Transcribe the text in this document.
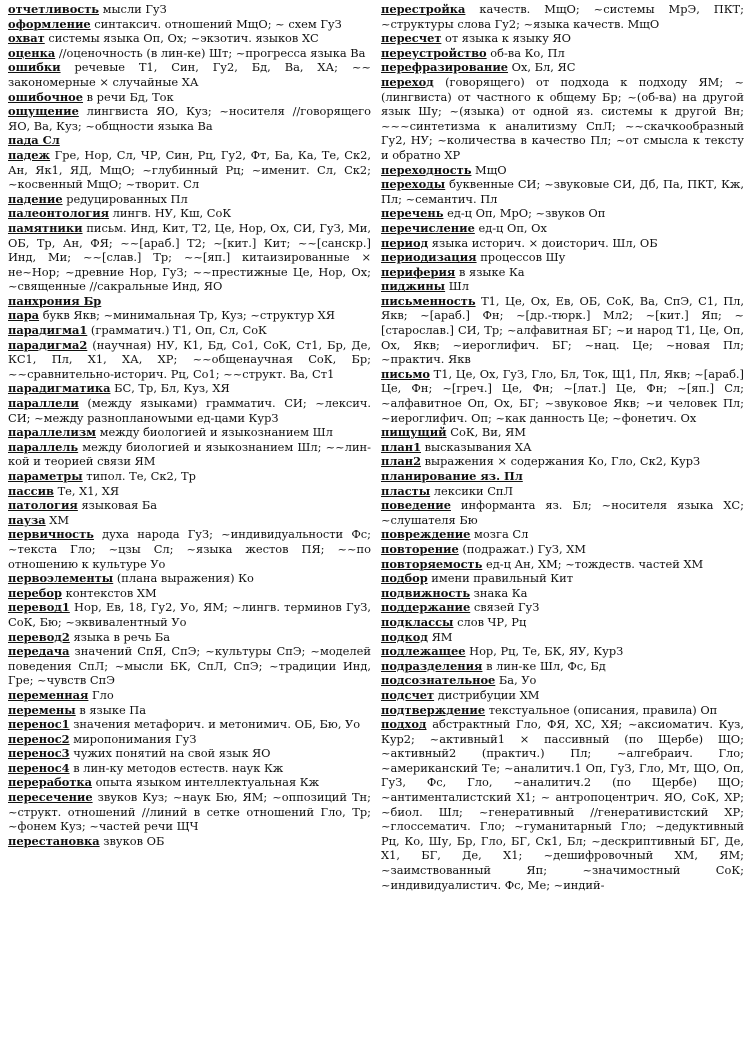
отчетливость мысли ГуЗ

оформление синтаксич. отношений МщО; ~ схем ГуЗ

охват системы языка Оп, Ох; ~экзотич. языков ХС

оценка //оценочность (в лин-ке) Шт; ~прогресса языка Ва

ошибки речевые Т1, Син, Гу2, Бд, Ва, ХА; ~~ закономерные × случайные ХА

ошибочное в речи Бд, Ток

ощущение лингвиста ЯО, Куз; ~носителя //говорящего ЯО, Ва, Куз; ~общности языка Ва

пада Сл

падеж Гре, Нор, Сл, ЧР, Син, Рц, Гу2, Фт, Ба, Ка, Те, Ск2, Ан, Як1, ЯД, МщО; ~глубинный Рц; ~именит. Сл, Ск2; ~косвенный МщО; ~творит. Сл

падение редуцированных Пл

палеонтология лингв. НУ, Кш, СоК

памятники письм. Инд, Кит, Т2, Це, Нор, Ох, СИ, ГуЗ, Ми, ОБ, Тр, Ан, ФЯ; ~~[араб.] Т2; ~[кит.] Кит; ~~[санскр.] Инд, Ми; ~~[слав.] Тр; ~~[яп.] китаизированные × не~Нор; ~древние Нор, ГуЗ; ~~престижные Це, Нор, Ох; ~священные //сакральные Инд, ЯО

панхрония Бр

пара букв Якв; ~минимальная Тр, Куз; ~структур ХЯ

парадигма1 (грамматич.) Т1, Оп, Сл, СоК

парадигма2 (научная) НУ, К1, Бд, Со1, СоК, Ст1, Бр, Де, КС1, Пл, Х1, ХА, ХР; ~~общенаучная СоК, Бр; ~~сравнительно-историч. Рц, Со1; ~~структ. Ва, Ст1

парадигматика БС, Тр, Бл, Куз, ХЯ

параллели (между языками) грамматич. СИ; ~лексич. СИ; ~между разнопланowыми ед-цами КурЗ

параллелизм между биологией и языкознанием Шл

параллель между биологией и языкознанием Шл; ~~лин-кой и теорией связи ЯМ

параметры типол. Те, Ск2, Тр

пассив Те, Х1, ХЯ

патология языковая Ба

пауза ХМ

первичность духа народа ГуЗ; ~индивидуальности Фс; ~текста Гло; ~цзы Сл; ~языка жестов ПЯ; ~~по отношению к культуре Уо

первоэлементы (плана выражения) Ко

перебор контекстов ХМ

перевод1 Нор, Ев, 18, Гу2, Уо, ЯМ; ~лингв. терминов ГуЗ, СоК, Бю; ~эквивалентный Уо

перевод2 языка в речь Ба

передача значений СпЯ, СпЭ; ~культуры СпЭ; ~моделей поведения СпЛ; ~мысли БК, СпЛ, СпЭ; ~традиции Инд, Гре; ~чувств СпЭ

переменная Гло

перемены в языке Па

перенос1 значения метафорич. и метонимич. ОБ, Бю, Уо

перенос2 миропонимания ГуЗ

перенос3 чужих понятий на свой язык ЯО

перенос4 в лин-ку методов естеств. наук Кж

переработка опыта языком интеллектуальная Кж

пересечение звуков Куз; ~наук Бю, ЯМ; ~оппозиций Тн; ~структ. отношений //линий в сетке отношений Гло, Тр; ~фонем Куз; ~частей речи ЩЧ

перестановка звуков ОБ

перестройка качеств. МщО; ~системы МрЭ, ПКТ; ~структуры слова Гу2; ~языка качеств. МщО

пересчет от языка к языку ЯО

переустройство об-ва Ко, Пл

перефразирование Ох, Бл, ЯС

переход (говорящего) от подхода к подходу ЯМ; ~(лингвиста) от частного к общему Бр; ~(об-ва) на другой язык Шу; ~(языка) от одной яз. системы к другой Вн; ~~~синтетизма к аналитизму СпЛ; ~~скачкообразный Гу2, НУ; ~количества в качество Пл; ~от смысла к тексту и обратно ХР

переходность МщО

переходы буквенные СИ; ~звуковые СИ, Дб, Па, ПКТ, Кж, Пл; ~семантич. Пл

перечень ед-ц Оп, МрО; ~звуков Оп

перечисление ед-ц Оп, Ох

период языка историч. × доисторич. Шл, ОБ

периодизация процессов Шу

периферия в языке Ка

пиджины Шл

письменность Т1, Це, Ох, Ев, ОБ, СоК, Ва, СпЭ, С1, Пл, Якв; ~[араб.] Фн; ~[др.-тюрк.] Мл2; ~[кит.] Яп; ~[старослав.] СИ, Тр; ~алфавитная БГ; ~и народ Т1, Це, Оп, Ох, Якв; ~иероглифич. БГ; ~нац. Це; ~новая Пл; ~практич. Якв

письмо Т1, Це, Ох, ГуЗ, Гло, Бл, Ток, Щ1, Пл, Якв; ~[араб.] Це, Фн; ~[греч.] Це, Фн; ~[лат.] Це, Фн; ~[яп.] Сл; ~алфавитное Оп, Ох, БГ; ~звуковое Якв; ~и человек Пл; ~иероглифич. Оп; ~как данность Це; ~фонетич. Ох

пищущий СоК, Ви, ЯМ

план1 высказывания ХА

план2 выражения × содержания Ко, Гло, Ск2, КурЗ

планирование яз. Пл

пласты лексики СпЛ

поведение информанта яз. Бл; ~носителя языка ХС; ~слушателя Бю

повреждение мозга Сл

повторение (подражат.) ГуЗ, ХМ

повторяемость ед-ц Ан, ХМ; ~тождеств. частей ХМ

подбор имени правильный Кит

подвижность знака Ка

поддержание связей ГуЗ

подклассы слов ЧР, Рц

подкод ЯМ

подлежащее Нор, Рц, Те, БК, ЯУ, КурЗ

подразделения в лин-ке Шл, Фс, Бд

подсознательное Ба, Уо

подсчет дистрибуции ХМ

подтверждение текстуальное (описания, правила) Оп

подход абстрактный Гло, ФЯ, ХС, ХЯ; ~аксиоматич. Куз, Кур2; ~активный1 × пассивный (по Щербе) ЩО; ~активный2 (практич.) Пл; ~алгебраич. Гло; ~американский Те; ~аналитич.1 Оп, ГуЗ, Гло, Мт, ЩО, Оп, ГуЗ, Фс, Гло, ~аналитич.2 (по Щербе) ЩО; ~антименталистский Х1; ~ антропоцентрич. ЯО, СоК, ХР; ~биол. Шл; ~генеративный //генеративистский ХР; ~глоссематич. Гло; ~гуманитарный Гло; ~дедуктивный Рц, Ко, Шу, Бр, Гло, БГ, Ск1, Бл; ~дескриптивный БГ, Де, Х1, БГ, Де, Х1; ~дешифровочный ХМ, ЯМ; ~заимствованный Яп; ~значимостный СоК; ~индивидуалистич. Фс, Ме; ~индий-
